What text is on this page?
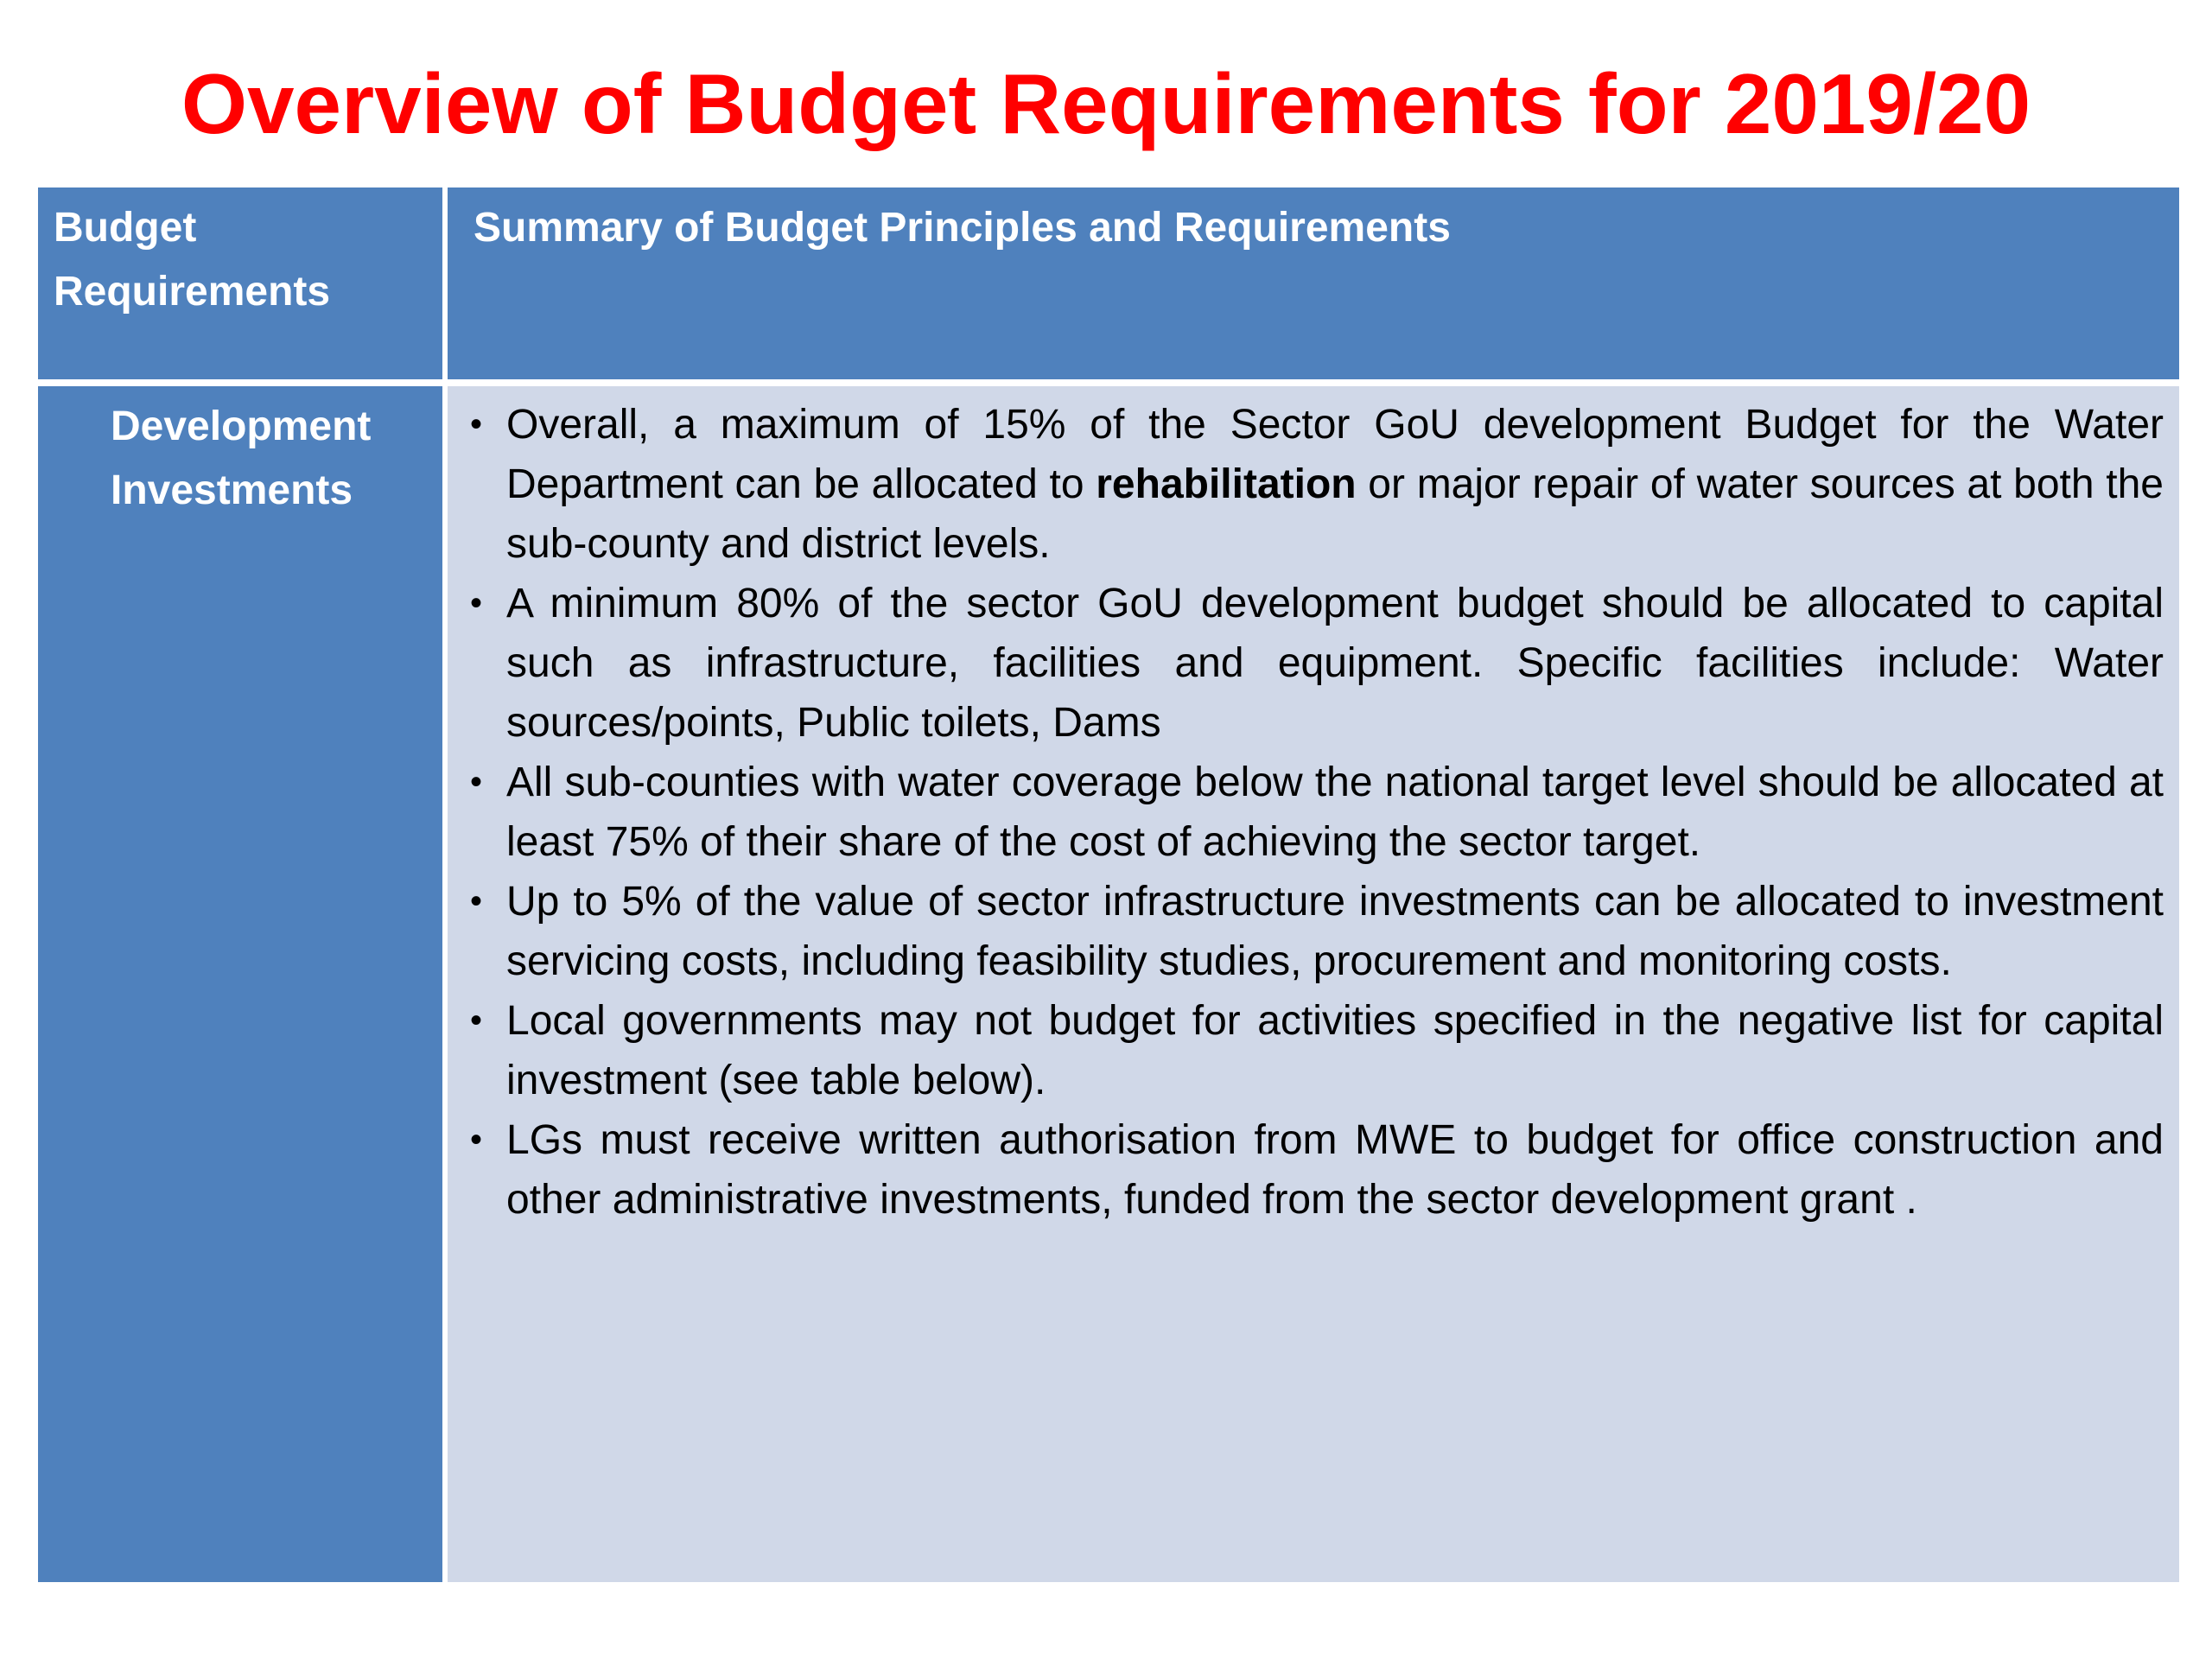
Overview of Budget Requirements for 2019/20
Budget
Requirements
Summary of Budget Principles and Requirements
Development
Investments
• Overall, a maximum of 15% of the Sector GoU development Budget for the Water Department can be allocated to rehabilitation or major repair of water sources at both the sub-county and district levels.
• A minimum 80% of the sector GoU development budget should be allocated to capital such as infrastructure, facilities and equipment. Specific facilities include: Water sources/points, Public toilets, Dams
• All sub-counties with water coverage below the national target level should be allocated at least 75% of their share of the cost of achieving the sector target.
• Up to 5% of the value of sector infrastructure investments can be allocated to investment servicing costs, including feasibility studies, procurement and monitoring costs.
• Local governments may not budget for activities specified in the negative list for capital investment (see table below).
• LGs must receive written authorisation from MWE to budget for office construction and other administrative investments, funded from the sector development grant .
